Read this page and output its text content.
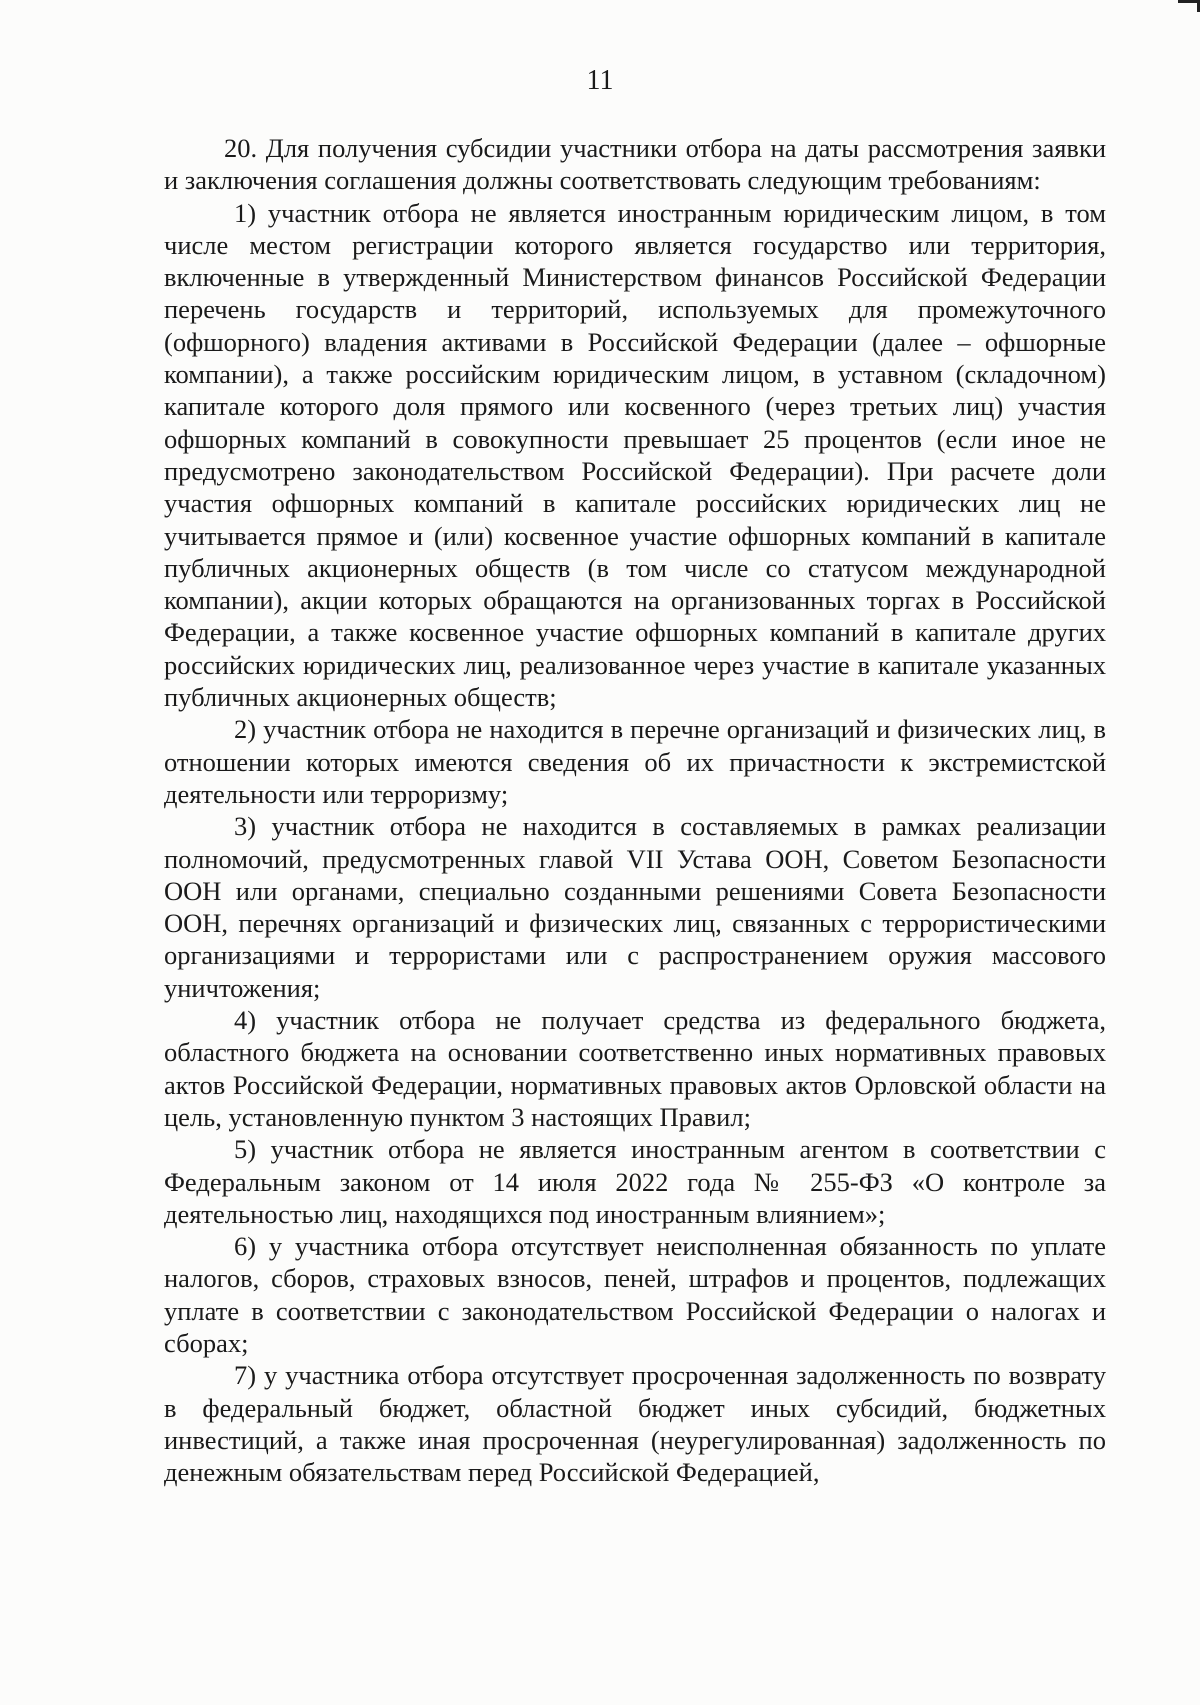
11

20. Для получения субсидии участники отбора на даты рассмотрения заявки и заключения соглашения должны соответствовать следующим требованиям:

1) участник отбора не является иностранным юридическим лицом, в том числе местом регистрации которого является государство или территория, включенные в утвержденный Министерством финансов Российской Федерации перечень государств и территорий, используемых для промежуточного (офшорного) владения активами в Российской Федерации (далее – офшорные компании), а также российским юридическим лицом, в уставном (складочном) капитале которого доля прямого или косвенного (через третьих лиц) участия офшорных компаний в совокупности превышает 25 процентов (если иное не предусмотрено законодательством Российской Федерации). При расчете доли участия офшорных компаний в капитале российских юридических лиц не учитывается прямое и (или) косвенное участие офшорных компаний в капитале публичных акционерных обществ (в том числе со статусом международной компании), акции которых обращаются на организованных торгах в Российской Федерации, а также косвенное участие офшорных компаний в капитале других российских юридических лиц, реализованное через участие в капитале указанных публичных акционерных обществ;

2) участник отбора не находится в перечне организаций и физических лиц, в отношении которых имеются сведения об их причастности к экстремистской деятельности или терроризму;

3) участник отбора не находится в составляемых в рамках реализации полномочий, предусмотренных главой VII Устава ООН, Советом Безопасности ООН или органами, специально созданными решениями Совета Безопасности ООН, перечнях организаций и физических лиц, связанных с террористическими организациями и террористами или с распространением оружия массового уничтожения;

4) участник отбора не получает средства из федерального бюджета, областного бюджета на основании соответственно иных нормативных правовых актов Российской Федерации, нормативных правовых актов Орловской области на цель, установленную пунктом 3 настоящих Правил;

5) участник отбора не является иностранным агентом в соответствии с Федеральным законом от 14 июля 2022 года № 255-ФЗ «О контроле за деятельностью лиц, находящихся под иностранным влиянием»;

6) у участника отбора отсутствует неисполненная обязанность по уплате налогов, сборов, страховых взносов, пеней, штрафов и процентов, подлежащих уплате в соответствии с законодательством Российской Федерации о налогах и сборах;

7) у участника отбора отсутствует просроченная задолженность по возврату в федеральный бюджет, областной бюджет иных субсидий, бюджетных инвестиций, а также иная просроченная (неурегулированная) задолженность по денежным обязательствам перед Российской Федерацией,
